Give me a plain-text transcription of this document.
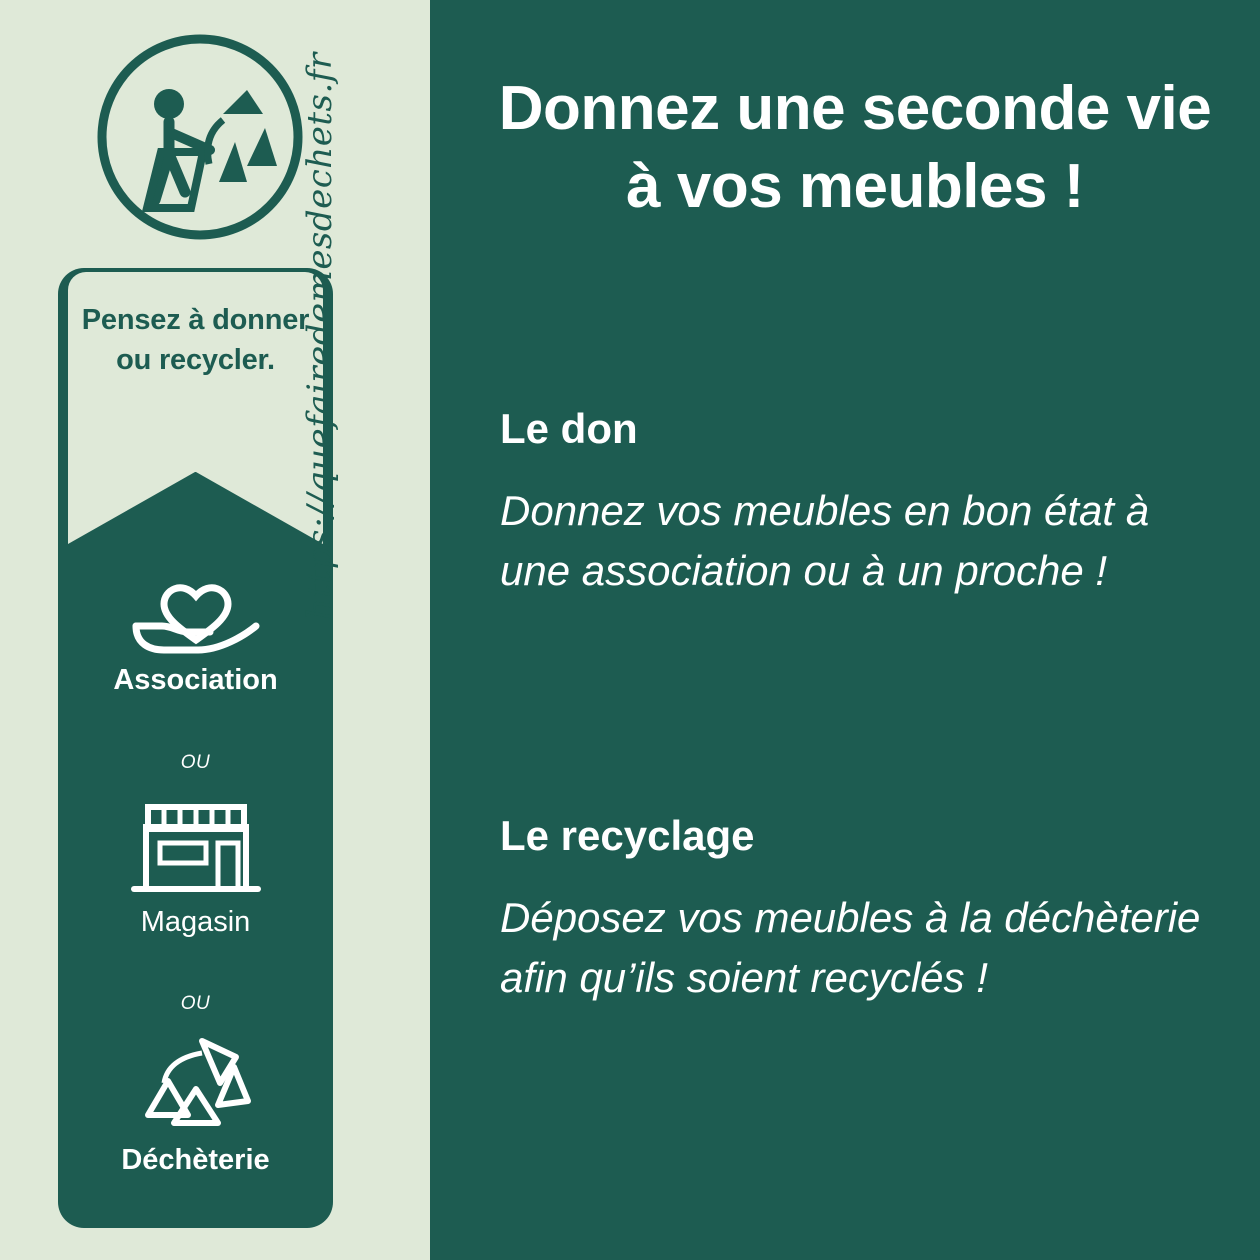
Pensez à donner ou recycler.
Association
OU
Magasin
OU
Déchèterie
https://quefairedemesdechets.fr	Donnez une seconde vie
à vos meubles !
Le don
Donnez vos meubles en bon état à une association ou à un proche !
Le recyclage
Déposez vos meubles à la déchèterie afin qu’ils soient recyclés !
